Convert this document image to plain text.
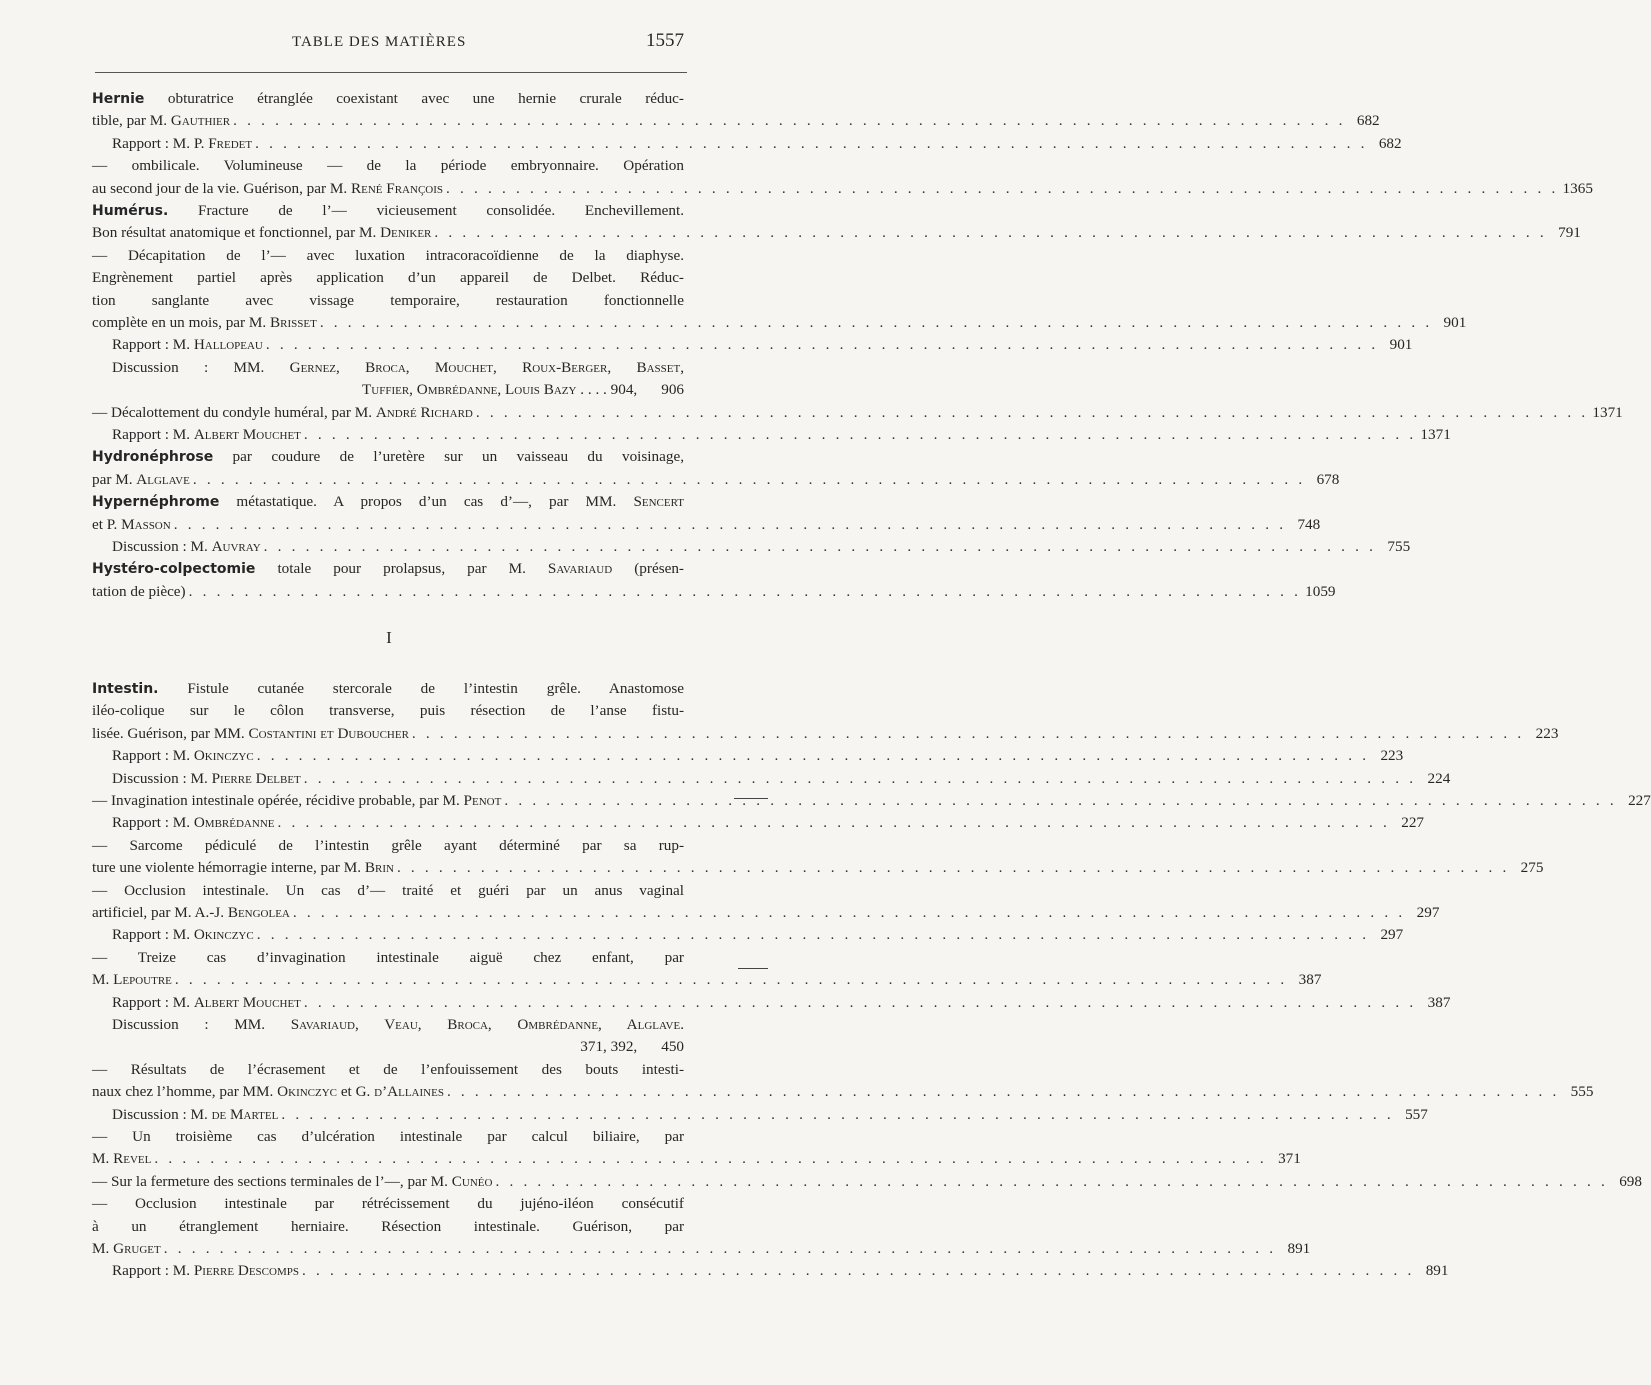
TABLE DES MATIÈRES	1557
Hernie obturatrice étranglée coexistant avec une hernie crurale réduc-
tible, par M. Gauthier . . . . . . . . . . . . . . . . . . . . . . . . . . . . . . . . . . . . . . . . . . . . . . . . . . . . . . . . . . . . . . . . . . . . . . . . . . . . . . . . 682
Rapport : M. P. Fredet . . . . . . . . . . . . . . . . . . . . . . . . . . . . . . . . . . . . . . . . . . . . . . . . . . . . . . . . . . . . . . . . . . . . . . . . . . . . . . . . 682
— ombilicale. Volumineuse — de la période embryonnaire. Opération
au second jour de la vie. Guérison, par M. René François . . . . . . . . . . . . . . . . . . . . . . . . . . . . . . . . . . . . . . . . . . . . . . . . . . . . . . . . . . . . . . . . . . . . . . . . . . . . . . . . 1365
Humérus. Fracture de l’— vicieusement consolidée. Enchevillement.
Bon résultat anatomique et fonctionnel, par M. Deniker . . . . . . . . . . . . . . . . . . . . . . . . . . . . . . . . . . . . . . . . . . . . . . . . . . . . . . . . . . . . . . . . . . . . . . . . . . . . . . . . 791
— Décapitation de l’— avec luxation intracoracoïdienne de la diaphyse.
Engrènement partiel après application d’un appareil de Delbet. Réduc-
tion sanglante avec vissage temporaire, restauration fonctionnelle
complète en un mois, par M. Brisset . . . . . . . . . . . . . . . . . . . . . . . . . . . . . . . . . . . . . . . . . . . . . . . . . . . . . . . . . . . . . . . . . . . . . . . . . . . . . . . . 901
Rapport : M. Hallopeau . . . . . . . . . . . . . . . . . . . . . . . . . . . . . . . . . . . . . . . . . . . . . . . . . . . . . . . . . . . . . . . . . . . . . . . . . . . . . . . . 901
Discussion : MM. Gernez, Broca, Mouchet, Roux-Berger, Basset,
Tuffier, Ombrédanne, Louis Bazy . . . . 904, 906
— Décalottement du condyle huméral, par M. André Richard . . . . . . . . . . . . . . . . . . . . . . . . . . . . . . . . . . . . . . . . . . . . . . . . . . . . . . . . . . . . . . . . . . . . . . . . . . . . . . . . 1371
Rapport : M. Albert Mouchet . . . . . . . . . . . . . . . . . . . . . . . . . . . . . . . . . . . . . . . . . . . . . . . . . . . . . . . . . . . . . . . . . . . . . . . . . . . . . . . . 1371
Hydronéphrose par coudure de l’uretère sur un vaisseau du voisinage,
par M. Alglave . . . . . . . . . . . . . . . . . . . . . . . . . . . . . . . . . . . . . . . . . . . . . . . . . . . . . . . . . . . . . . . . . . . . . . . . . . . . . . . . 678
Hypernéphrome métastatique. A propos d’un cas d’—, par MM. Sencert
et P. Masson . . . . . . . . . . . . . . . . . . . . . . . . . . . . . . . . . . . . . . . . . . . . . . . . . . . . . . . . . . . . . . . . . . . . . . . . . . . . . . . . 748
Discussion : M. Auvray . . . . . . . . . . . . . . . . . . . . . . . . . . . . . . . . . . . . . . . . . . . . . . . . . . . . . . . . . . . . . . . . . . . . . . . . . . . . . . . . 755
Hystéro-colpectomie totale pour prolapsus, par M. Savariaud (présen-
tation de pièce) . . . . . . . . . . . . . . . . . . . . . . . . . . . . . . . . . . . . . . . . . . . . . . . . . . . . . . . . . . . . . . . . . . . . . . . . . . . . . . . . 1059
I
Intestin. Fistule cutanée stercorale de l’intestin grêle. Anastomose
iléo-colique sur le côlon transverse, puis résection de l’anse fistu-
lisée. Guérison, par MM. Costantini et Duboucher . . . . . . . . . . . . . . . . . . . . . . . . . . . . . . . . . . . . . . . . . . . . . . . . . . . . . . . . . . . . . . . . . . . . . . . . . . . . . . . . 223
Rapport : M. Okinczyc . . . . . . . . . . . . . . . . . . . . . . . . . . . . . . . . . . . . . . . . . . . . . . . . . . . . . . . . . . . . . . . . . . . . . . . . . . . . . . . . 223
Discussion : M. Pierre Delbet . . . . . . . . . . . . . . . . . . . . . . . . . . . . . . . . . . . . . . . . . . . . . . . . . . . . . . . . . . . . . . . . . . . . . . . . . . . . . . . . 224
— Invagination intestinale opérée, récidive probable, par M. Penot . . . . . . . . . . . . . . . . . . . . . . . . . . . . . . . . . . . . . . . . . . . . . . . . . . . . . . . . . . . . . . . . . . . . . . . . . . . . . . . . 227
Rapport : M. Ombrédanne . . . . . . . . . . . . . . . . . . . . . . . . . . . . . . . . . . . . . . . . . . . . . . . . . . . . . . . . . . . . . . . . . . . . . . . . . . . . . . . . 227
— Sarcome pédiculé de l’intestin grêle ayant déterminé par sa rup-
ture une violente hémorragie interne, par M. Brin . . . . . . . . . . . . . . . . . . . . . . . . . . . . . . . . . . . . . . . . . . . . . . . . . . . . . . . . . . . . . . . . . . . . . . . . . . . . . . . . 275
— Occlusion intestinale. Un cas d’— traité et guéri par un anus vaginal
artificiel, par M. A.-J. Bengolea . . . . . . . . . . . . . . . . . . . . . . . . . . . . . . . . . . . . . . . . . . . . . . . . . . . . . . . . . . . . . . . . . . . . . . . . . . . . . . . . 297
Rapport : M. Okinczyc . . . . . . . . . . . . . . . . . . . . . . . . . . . . . . . . . . . . . . . . . . . . . . . . . . . . . . . . . . . . . . . . . . . . . . . . . . . . . . . . 297
— Treize cas d’invagination intestinale aiguë chez enfant, par
M. Lepoutre . . . . . . . . . . . . . . . . . . . . . . . . . . . . . . . . . . . . . . . . . . . . . . . . . . . . . . . . . . . . . . . . . . . . . . . . . . . . . . . . 387
Rapport : M. Albert Mouchet . . . . . . . . . . . . . . . . . . . . . . . . . . . . . . . . . . . . . . . . . . . . . . . . . . . . . . . . . . . . . . . . . . . . . . . . . . . . . . . . 387
Discussion : MM. Savariaud, Veau, Broca, Ombrédanne, Alglave.
371, 392, 450
— Résultats de l’écrasement et de l’enfouissement des bouts intesti-
naux chez l’homme, par MM. Okinczyc et G. d’Allaines . . . . . . . . . . . . . . . . . . . . . . . . . . . . . . . . . . . . . . . . . . . . . . . . . . . . . . . . . . . . . . . . . . . . . . . . . . . . . . . . 555
Discussion : M. de Martel . . . . . . . . . . . . . . . . . . . . . . . . . . . . . . . . . . . . . . . . . . . . . . . . . . . . . . . . . . . . . . . . . . . . . . . . . . . . . . . . 557
— Un troisième cas d’ulcération intestinale par calcul biliaire, par
M. Revel . . . . . . . . . . . . . . . . . . . . . . . . . . . . . . . . . . . . . . . . . . . . . . . . . . . . . . . . . . . . . . . . . . . . . . . . . . . . . . . . 371
— Sur la fermeture des sections terminales de l’—, par M. Cunéo . . . . . . . . . . . . . . . . . . . . . . . . . . . . . . . . . . . . . . . . . . . . . . . . . . . . . . . . . . . . . . . . . . . . . . . . . . . . . . . . 698
— Occlusion intestinale par rétrécissement du jujéno-iléon consécutif
à un étranglement herniaire. Résection intestinale. Guérison, par
M. Gruget . . . . . . . . . . . . . . . . . . . . . . . . . . . . . . . . . . . . . . . . . . . . . . . . . . . . . . . . . . . . . . . . . . . . . . . . . . . . . . . . 891
Rapport : M. Pierre Descomps . . . . . . . . . . . . . . . . . . . . . . . . . . . . . . . . . . . . . . . . . . . . . . . . . . . . . . . . . . . . . . . . . . . . . . . . . . . . . . . . 891
